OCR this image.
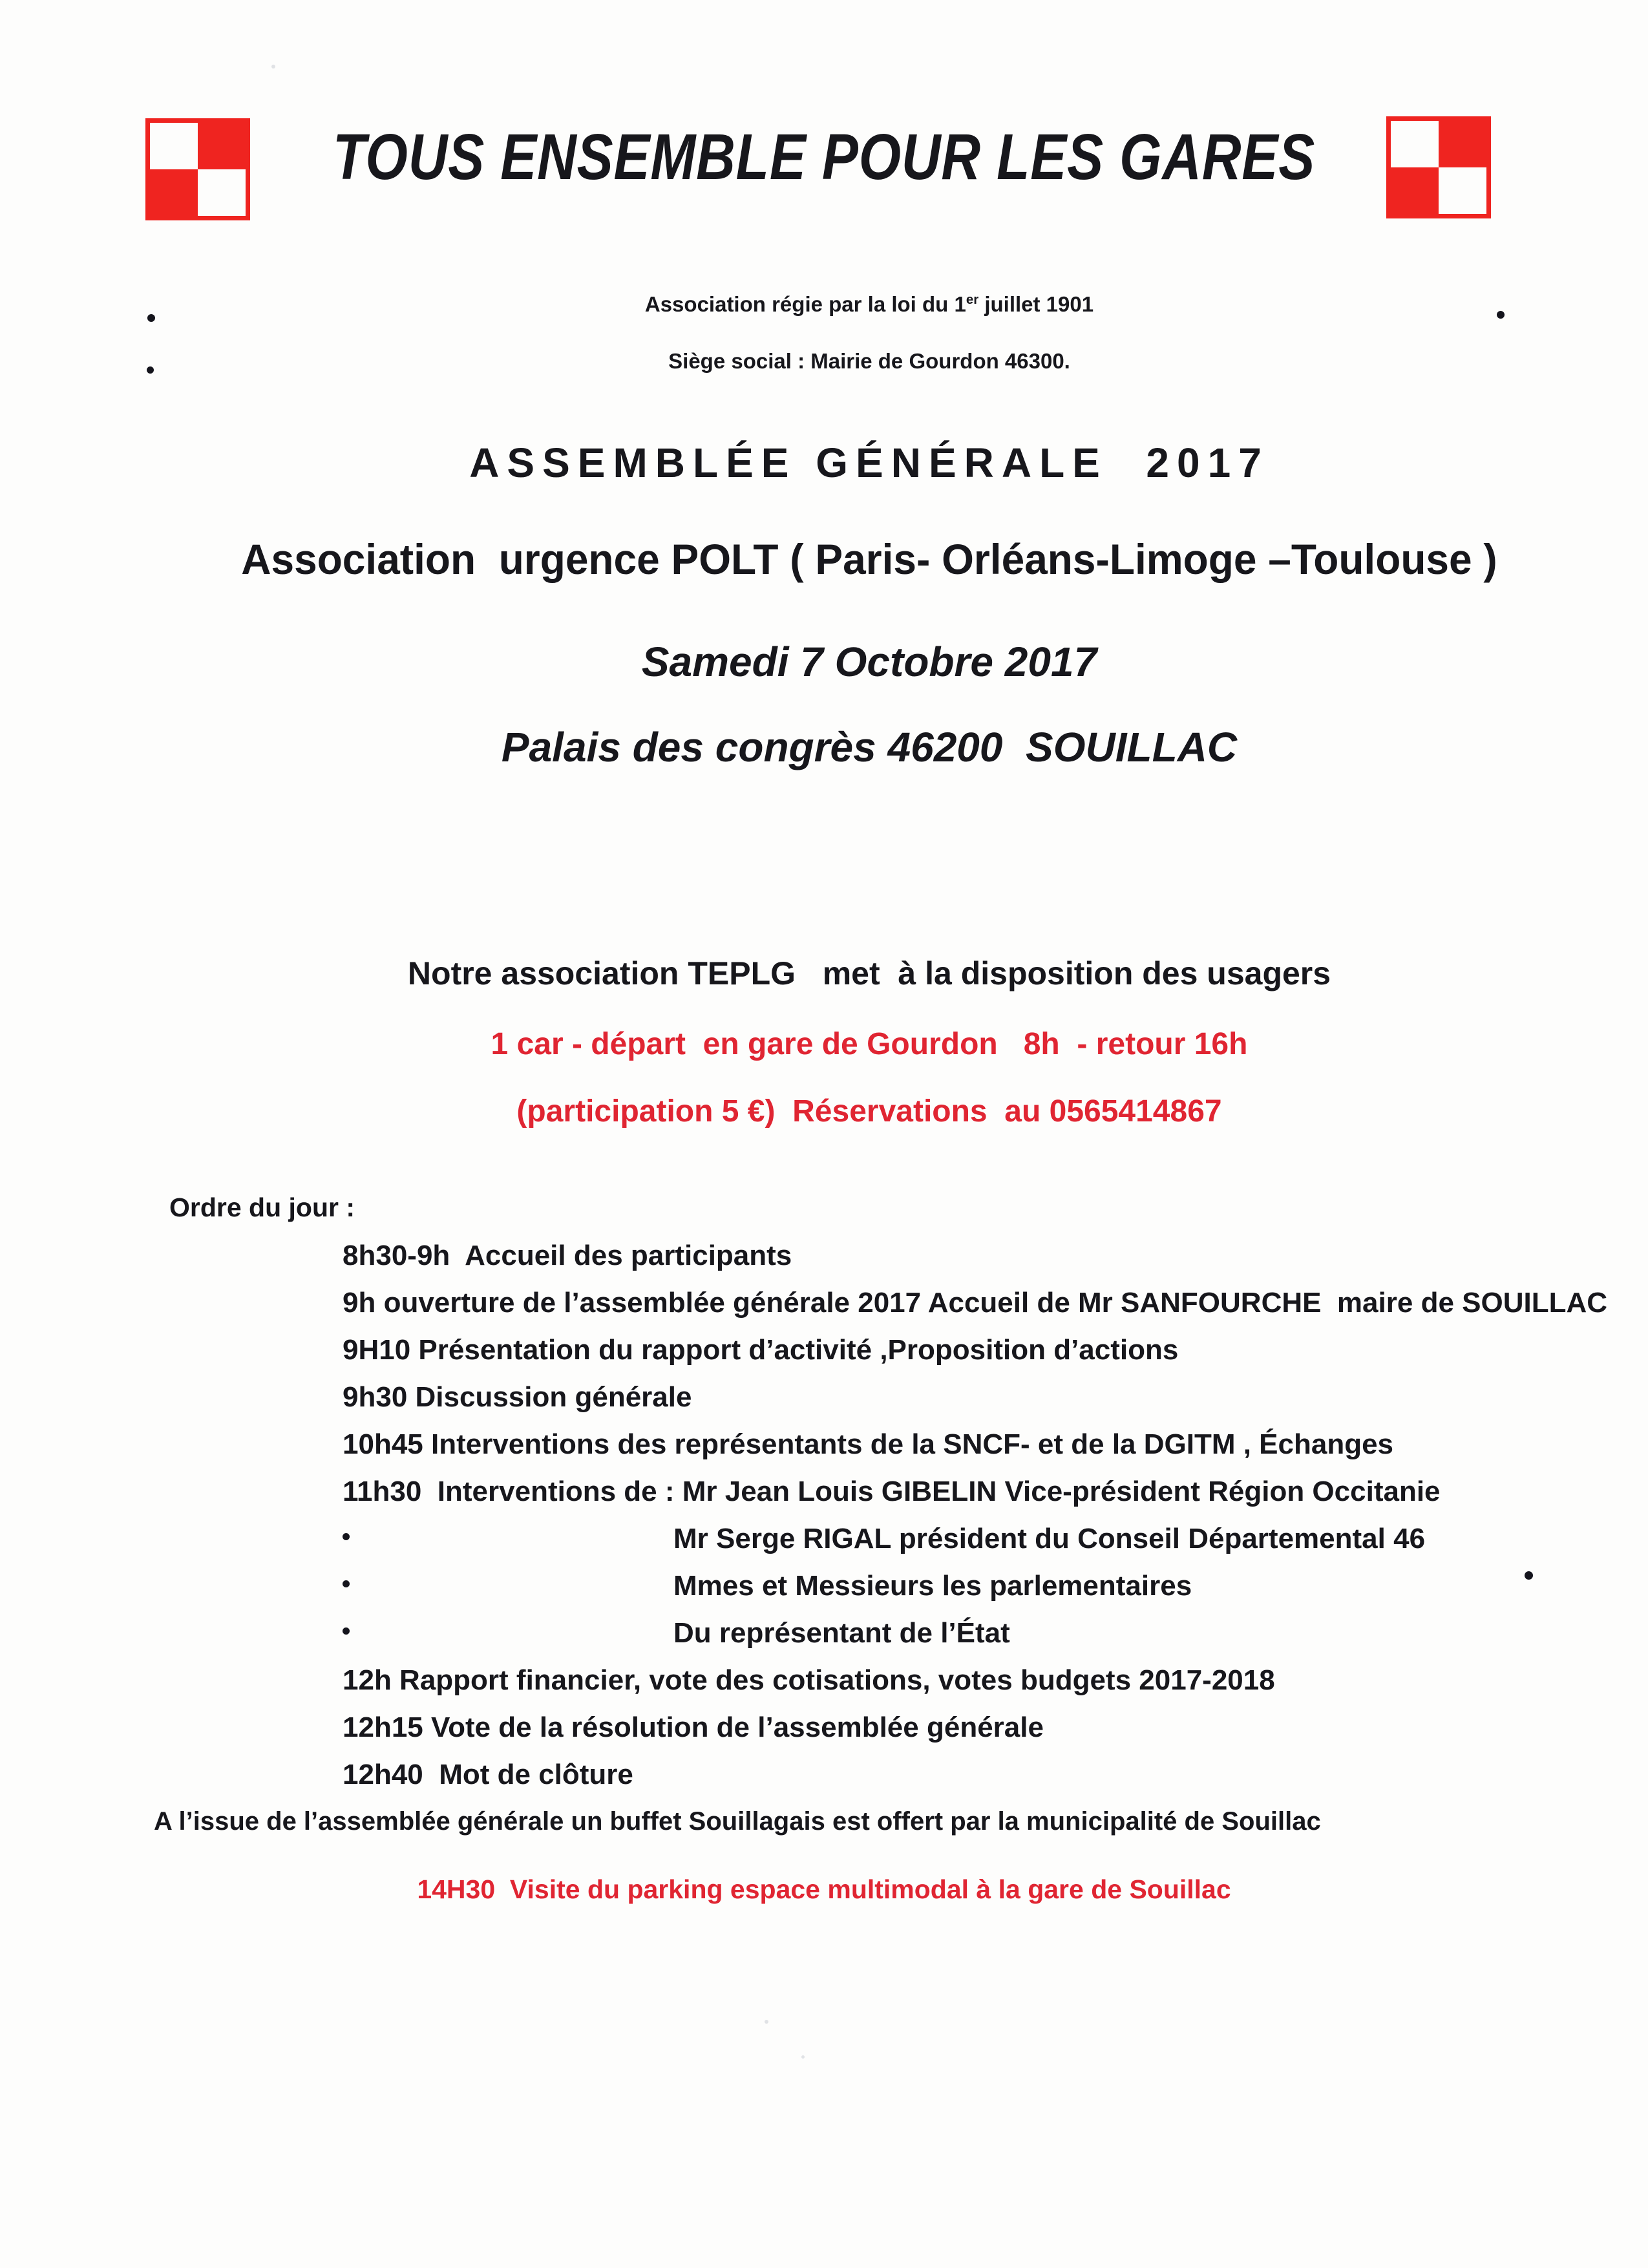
TOUS ENSEMBLE POUR LES GARES
Association régie par la loi du 1er juillet 1901
Siège social : Mairie de Gourdon 46300.
ASSEMBLÉE GÉNÉRALE  2017
Association  urgence POLT ( Paris- Orléans-Limoge –Toulouse )
Samedi 7 Octobre 2017
Palais des congrès 46200  SOUILLAC
Notre association TEPLG   met  à la disposition des usagers
1 car - départ  en gare de Gourdon   8h  - retour 16h
(participation 5 €)  Réservations  au 0565414867
Ordre du jour :
8h30-9h  Accueil des participants
9h ouverture de l’assemblée générale 2017 Accueil de Mr SANFOURCHE  maire de SOUILLAC
9H10 Présentation du rapport d’activité ,Proposition d’actions
9h30 Discussion générale
10h45 Interventions des représentants de la SNCF- et de la DGITM , Échanges
11h30  Interventions de : Mr Jean Louis GIBELIN Vice-président Région Occitanie
Mr Serge RIGAL président du Conseil Départemental 46
Mmes et Messieurs les parlementaires
Du représentant de l’État
12h Rapport financier, vote des cotisations, votes budgets 2017-2018
12h15 Vote de la résolution de l’assemblée générale
12h40  Mot de clôture
A l’issue de l’assemblée générale un buffet Souillagais est offert par la municipalité de Souillac
14H30  Visite du parking espace multimodal à la gare de Souillac
